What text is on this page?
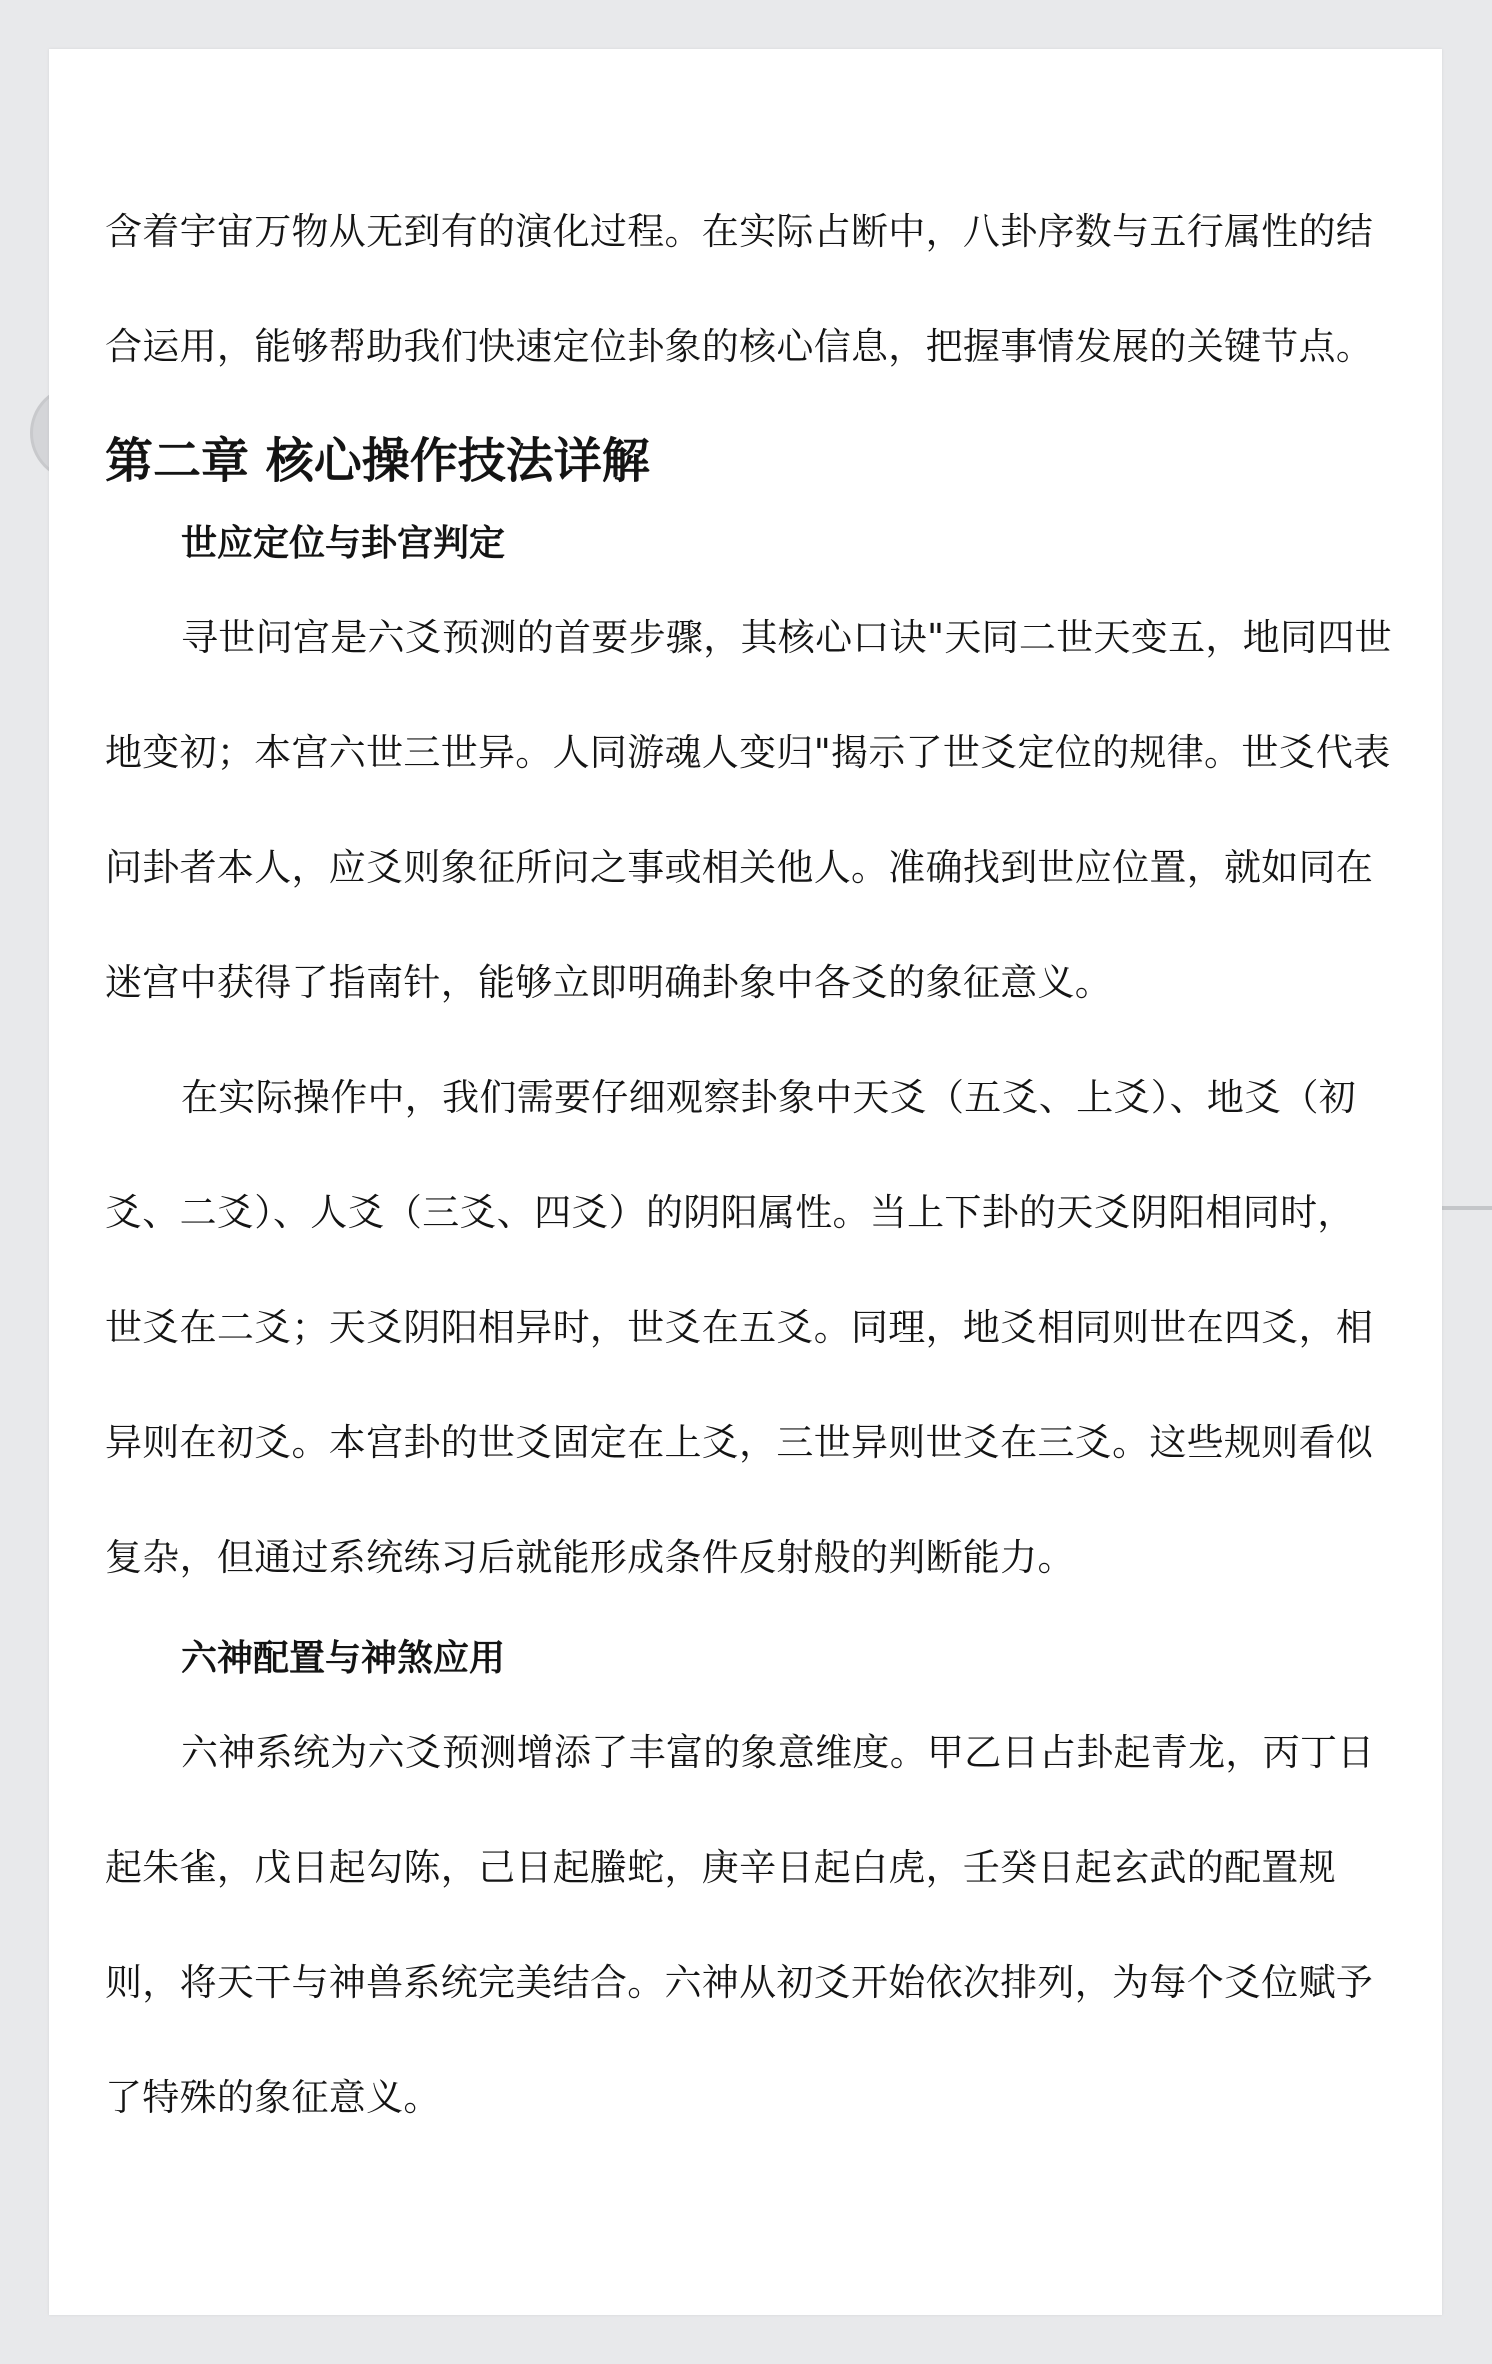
含着宇宙万物从无到有的演化过程。在实际占断中，八卦序数与五行属性的结

合运用，能够帮助我们快速定位卦象的核心信息，把握事情发展的关键节点。

第二章 核心操作技法详解
世应定位与卦宫判定

寻世问宫是六爻预测的首要步骤，其核心口诀"天同二世天变五，地同四世

地变初；本宫六世三世异。人同游魂人变归"揭示了世爻定位的规律。世爻代表

问卦者本人，应爻则象征所问之事或相关他人。准确找到世应位置，就如同在

迷宫中获得了指南针，能够立即明确卦象中各爻的象征意义。

在实际操作中，我们需要仔细观察卦象中天爻（五爻、上爻）、地爻（初

爻、二爻）、人爻（三爻、四爻）的阴阳属性。当上下卦的天爻阴阳相同时，

世爻在二爻；天爻阴阳相异时，世爻在五爻。同理，地爻相同则世在四爻，相

异则在初爻。本宫卦的世爻固定在上爻，三世异则世爻在三爻。这些规则看似

复杂，但通过系统练习后就能形成条件反射般的判断能力。

六神配置与神煞应用

六神系统为六爻预测增添了丰富的象意维度。甲乙日占卦起青龙，丙丁日

起朱雀，戊日起勾陈，己日起螣蛇，庚辛日起白虎，壬癸日起玄武的配置规

则，将天干与神兽系统完美结合。六神从初爻开始依次排列，为每个爻位赋予

了特殊的象征意义。
